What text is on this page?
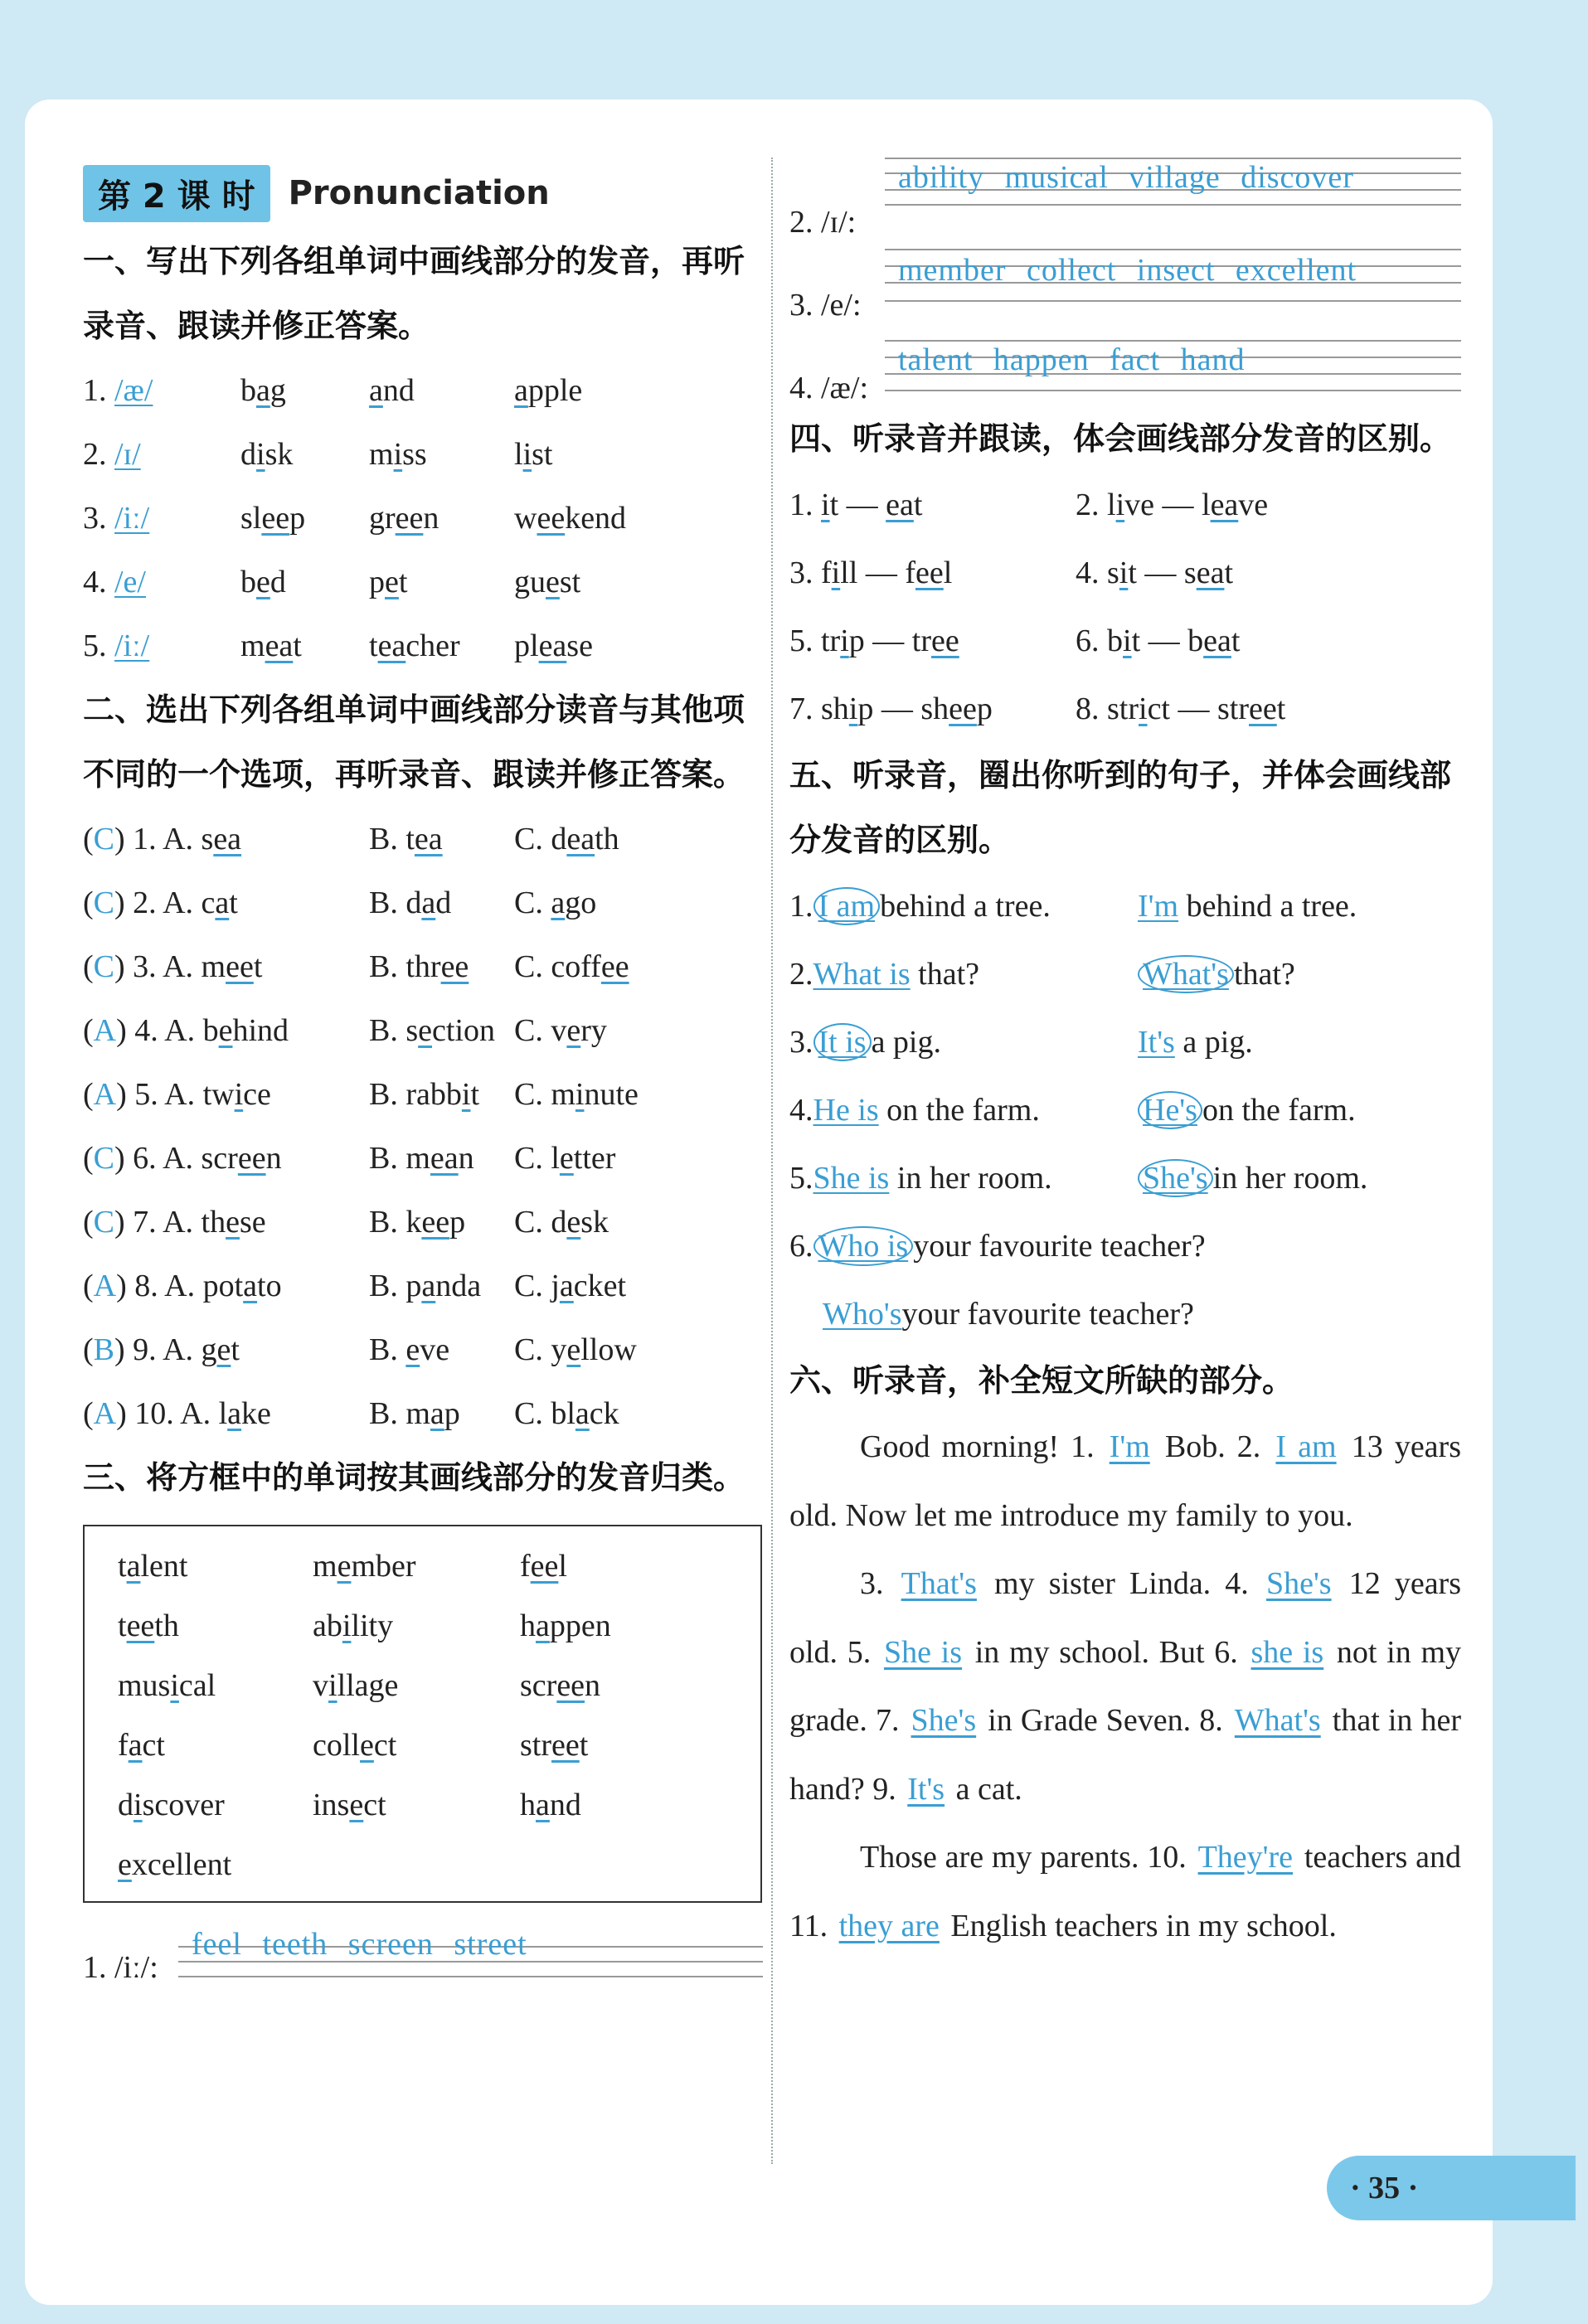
第 2 课 时	Pronunciation
一、写出下列各组单词中画线部分的发音，再听录音、跟读并修正答案。
1. /æ/	bag	and	apple
2. /ɪ/	disk	miss	list
3. /iː/	sleep	green	weekend
4. /e/	bed	pet	guest
5. /iː/	meat	teacher	please
二、选出下列各组单词中画线部分读音与其他项不同的一个选项，再听录音、跟读并修正答案。
(C) 1. A. sea	B. tea	C. death
(C) 2. A. cat	B. dad	C. ago
(C) 3. A. meet	B. three	C. coffee
(A) 4. A. behind	B. section C. very
(A) 5. A. twice	B. rabbit	C. minute
(C) 6. A. screen	B. mean	C. letter
(C) 7. A. these	B. keep	C. desk
(A) 8. A. potato	B. panda	C. jacket
(B) 9. A. get	B. eve	C. yellow
(A) 10. A. lake	B. map	C. black
三、将方框中的单词按其画线部分的发音归类。
t a lent	m e mber	f ee l
t ee th	ab i lity	h a ppen
mus i cal	v i llage	scr ee n
f a ct	coll e ct	str ee t
d i scover	ins e ct	h a nd
e xcellent
1. /iː/:
feel teeth screen street
2. /ɪ/:
ability musical village discover
3. /e/:
member collect insect excellent
4. /æ/:
talent happen fact hand
四、听录音并跟读，体会画线部分发音的区别。
1. it — eat	2. live — leave
3. fill — feel	4. sit — seat
5. trip — tree	6. bit — beat
7. ship — sheep	8. strict — street
五、听录音，圈出你听到的句子，并体会画线部分发音的区别。
1. I am behind a tree.	I'm behind a tree.
2.What is that?	What's that?
3. It is a pig.	It's a pig.
4.He is on the farm.	He's on the farm.
5.She is in her room.	She's in her room.
6. Who is your favourite teacher?
Who's your favourite teacher?
六、听录音，补全短文所缺的部分。

Good morning! 1. I'm Bob. 2. I am 13 years old. Now let me introduce my family to you.

3. That's my sister Linda. 4. She's 12 years old. 5. She is in my school. But 6. she is not in my grade. 7. She's in Grade Seven. 8. What's that in her hand? 9. It's a cat.

Those are my parents. 10. They're teachers and 11. they are English teachers in my school.

· 35 ·
